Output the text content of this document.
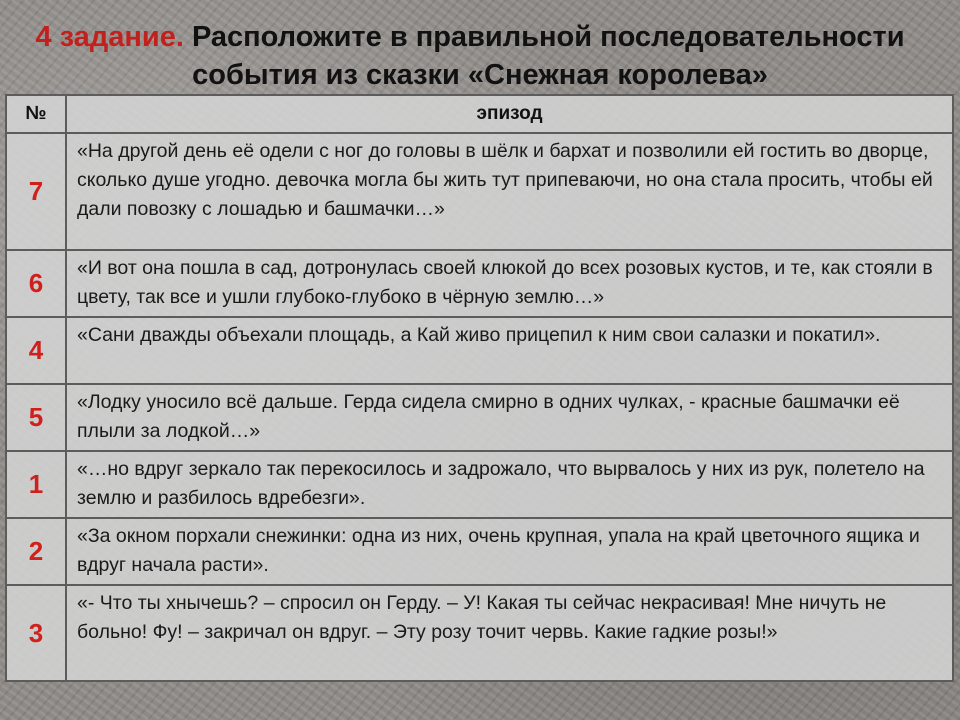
4 задание. Расположите в правильной последовательности
события из сказки «Снежная королева»
№	эпизод
7	«На другой день её одели с ног до головы в шёлк и бархат и позволили ей гостить во дворце, сколько душе угодно. девочка могла бы жить тут припеваючи, но она стала просить, чтобы ей дали повозку с лошадью и башмачки…»
6	«И вот она пошла в сад, дотронулась своей клюкой до всех розовых кустов, и те, как стояли в цвету, так все и ушли глубоко-глубоко в чёрную землю…»
4	«Сани дважды объехали площадь, а Кай живо прицепил к ним свои салазки и покатил».
5	«Лодку уносило всё дальше. Герда сидела смирно в одних чулках, - красные башмачки её плыли за лодкой…»
1	«…но вдруг зеркало так перекосилось и задрожало, что вырвалось у них из рук, полетело на землю и разбилось вдребезги».
2	«За окном порхали снежинки: одна из них, очень крупная, упала на край цветочного ящика и вдруг начала расти».
3	«- Что ты хнычешь? – спросил он Герду. – У! Какая ты сейчас некрасивая! Мне ничуть не больно! Фу! – закричал он вдруг. – Эту розу точит червь. Какие гадкие розы!»
